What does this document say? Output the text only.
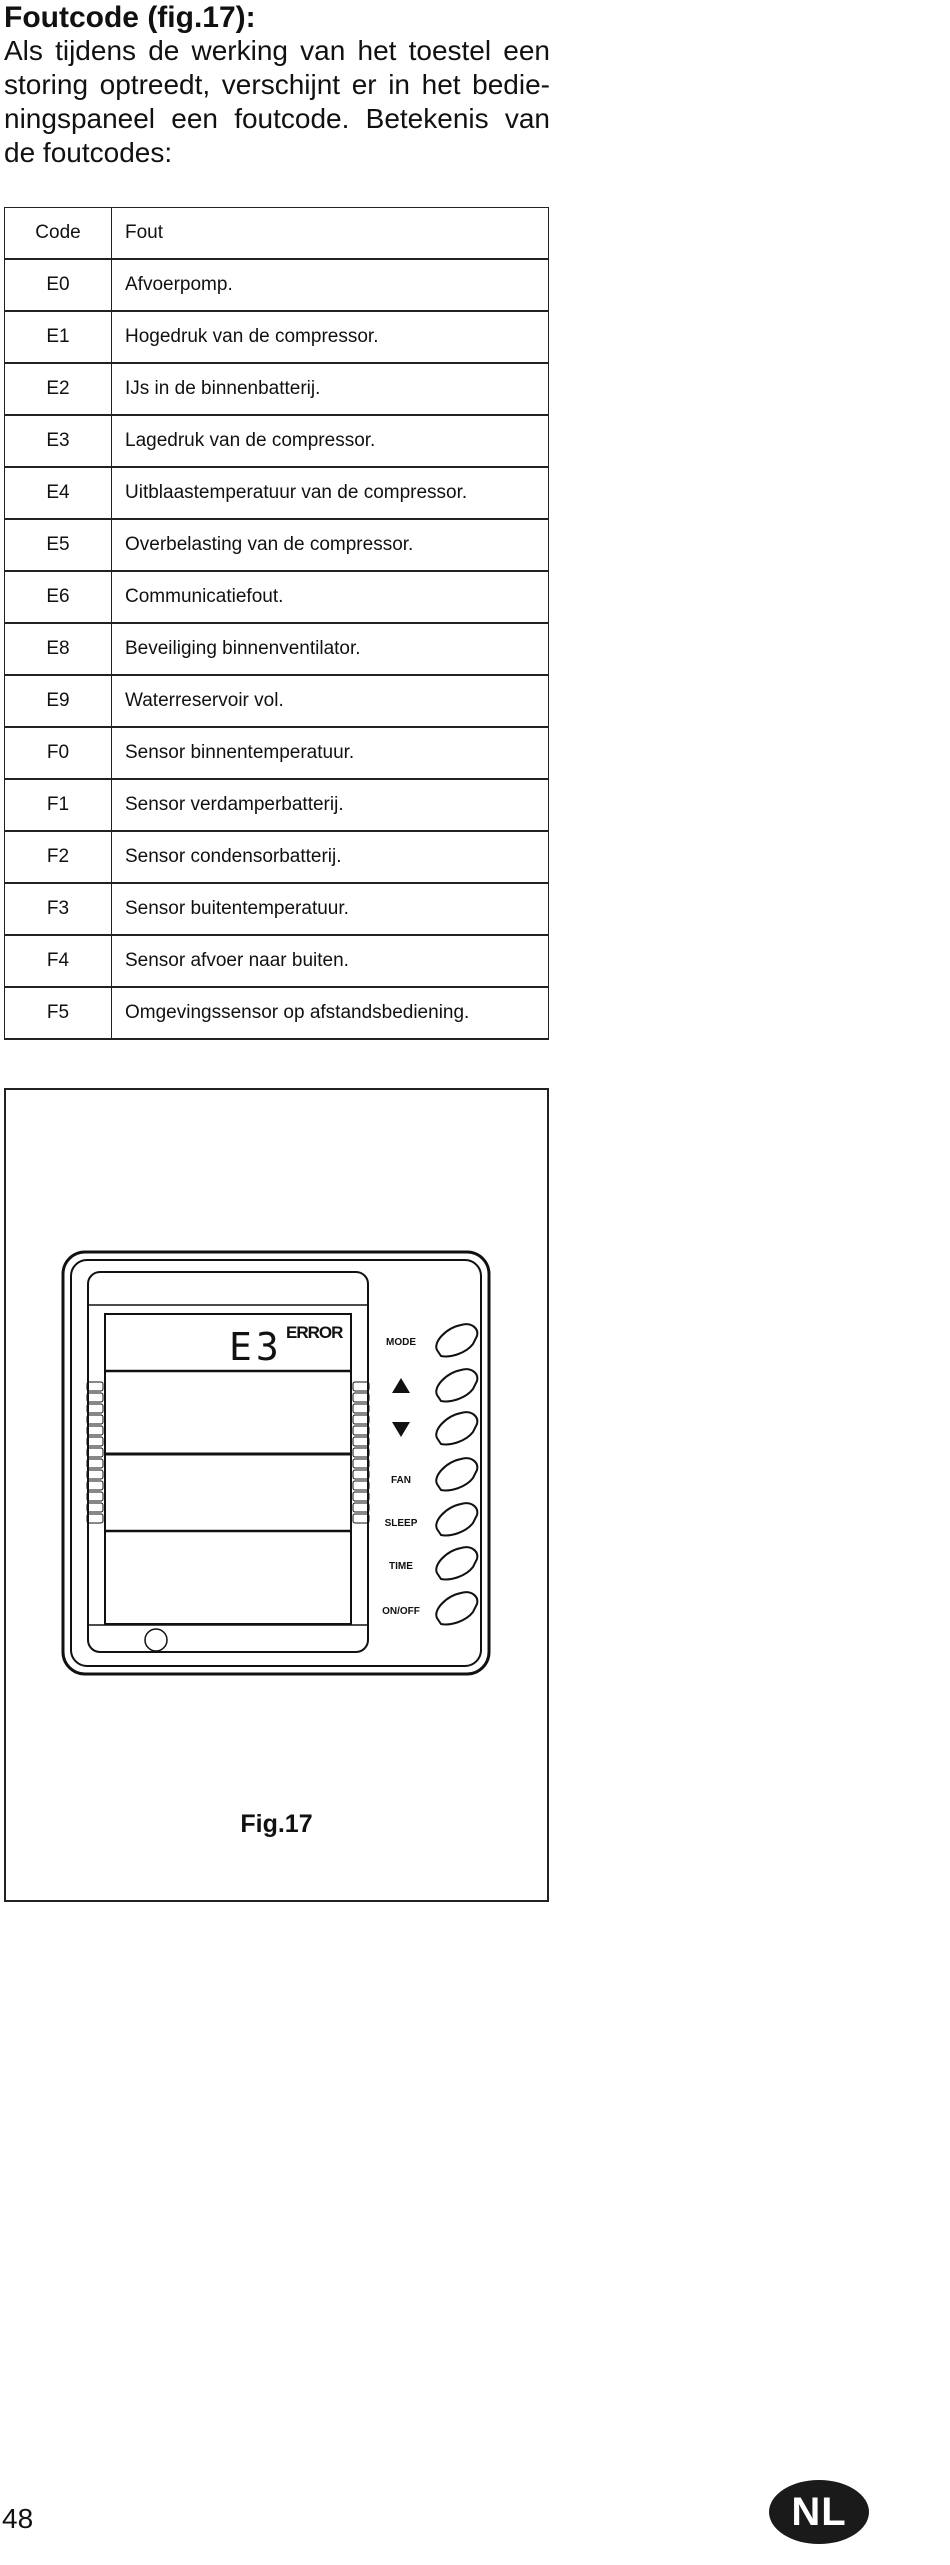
Foutcode (fig.17):

Als tijdens de werking van het toestel een
storing optreedt, verschijnt er in het bedie-
ningspaneel een foutcode. Betekenis van
de foutcodes:

Code	Fout
E0	Afvoerpomp.
E1	Hogedruk van de compressor.
E2	IJs in de binnenbatterij.
E3	Lagedruk van de compressor.
E4	Uitblaastemperatuur van de compressor.
E5	Overbelasting van de compressor.
E6	Communicatiefout.
E8	Beveiliging binnenventilator.
E9	Waterreservoir vol.
F0	Sensor binnentemperatuur.
F1	Sensor verdamperbatterij.
F2	Sensor condensorbatterij.
F3	Sensor buitentemperatuur.
F4	Sensor afvoer naar buiten.
F5	Omgevingssensor op afstandsbediening.
E3 ERROR
MODE
FAN
SLEEP
TIME
ON/OFF
Fig.17
48	NL
